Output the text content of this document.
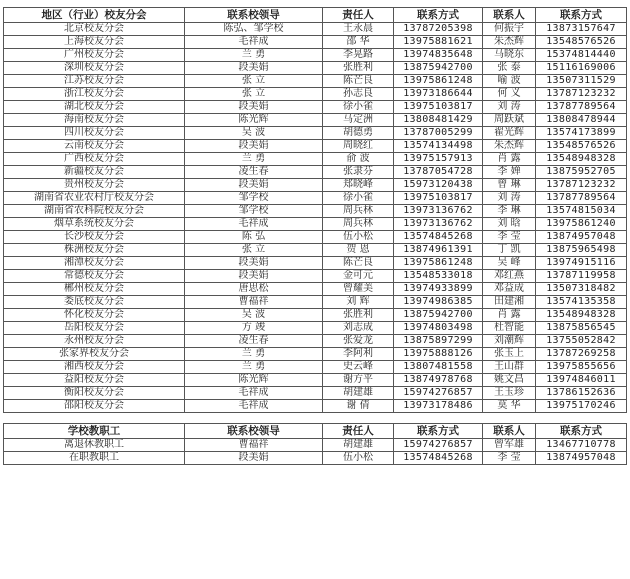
地区（行业）校友分会	联系校领导	责任人	联系方式	联系人	联系方式
北京校友分会	陈弘、邹学校	王永晨	13787205398	何振宇	13873157647
上海校友分会	毛祥成	邵 华	13975881621	朱杰辉	13548576526
广州校友分会	兰 勇	李晃路	13974835648	马晓东	15374814440
深圳校友分会	段美娟	张胜利	13875942700	张 泰	15116169006
江苏校友分会	张 立	陈芒良	13975861248	喻 波	13507311529
浙江校友分会	张 立	孙志良	13973186644	何 义	13787123232
湖北校友分会	段美娟	徐小雀	13975103817	刘 涛	13787789564
海南校友分会	陈光辉	马定洲	13808481429	周跃斌	13808478944
四川校友分会	吴 波	胡德勇	13787005299	翟光辉	13574173899
云南校友分会	段美娟	周晓红	13574134498	朱杰辉	13548576526
广西校友分会	兰 勇	俞 波	13975157913	肖 露	13548948328
新疆校友分会	凌生春	张隶芬	13787054728	李 婵	13875952705
贵州校友分会	段美娟	郑晓峰	15973120438	曾 琳	13787123232
湖南省农业农村厅校友分会	邹学校	徐小雀	13975103817	刘 涛	13787789564
湖南省农科院校友分会	邹学校	周兵林	13973136762	李 琳	13574815034
烟草系统校友分会	毛祥成	周兵林	13973136762	刘 晗	13975861240
长沙校友分会	陈 弘	伍小松	13574845268	李 莹	13874957048
株洲校友分会	张 立	贺 恩	13874961391	丁 凯	13875965498
湘潭校友分会	段美娟	陈芒良	13975861248	吴 峰	13974915116
常德校友分会	段美娟	金可元	13548533018	邓红燕	13787119958
郴州校友分会	唐思松	曾耀美	13974933899	邓益成	13507318482
娄底校友分会	曹福祥	刘 辉	13974986385	田建湘	13574135358
怀化校友分会	吴 波	张胜利	13875942700	肖 露	13548948328
岳阳校友分会	方 竣	刘志成	13974803498	杜智能	13875856545
永州校友分会	凌生春	张爱龙	13875897299	刘潮辉	13755052842
张家界校友分会	兰 勇	李阿利	13975888126	张玉上	13787269258
湘西校友分会	兰 勇	史云峰	13807481558	王山群	13975855656
益阳校友分会	陈光辉	谢方平	13874978768	姚文昌	13974846011
衡阳校友分会	毛祥成	胡建雄	15974276857	王玉珍	13786152636
邵阳校友分会	毛祥成	谢 倩	13973178486	莫 华	13975170246
学校教职工	联系校领导	责任人	联系方式	联系人	联系方式
离退休教职工	曹福祥	胡建雄	15974276857	曾军雄	13467710778
在职教职工	段美娟	伍小松	13574845268	李 莹	13874957048
